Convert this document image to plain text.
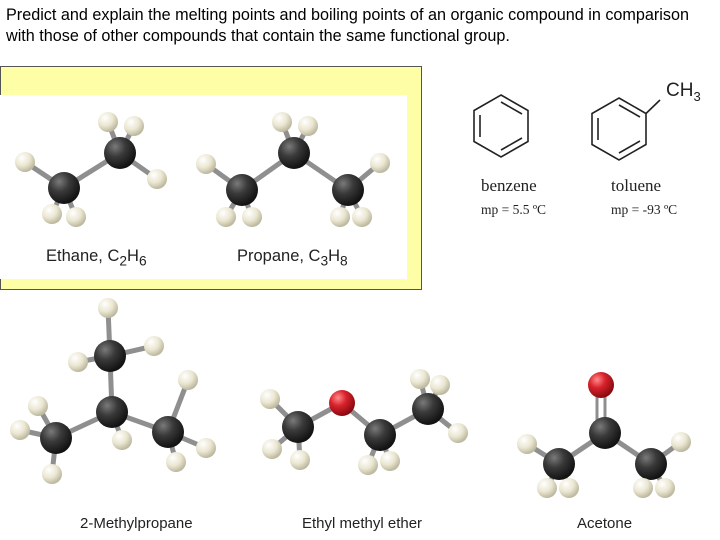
Predict and explain the melting points and boiling points of an organic compound in comparison with those of other compounds that contain the same functional group.

Ethane, $C_2H_6$	Propane, $C_3H_8$
benzene
mp = 5.5 ºC
$CH_3$
toluene
mp = -93 ºC
2-Methylpropane	Ethyl methyl ether	Acetone
